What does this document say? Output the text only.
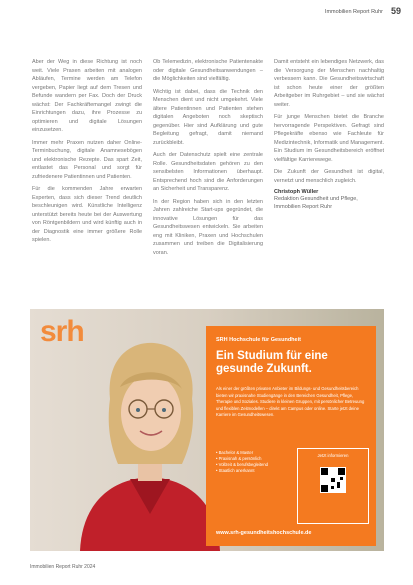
Immobilien Report Ruhr 59

Aber der Weg in diese Richtung ist noch weit. Viele Praxen arbeiten mit analogen Abläufen, Termine werden am Telefon vergeben, Papier liegt auf dem Tresen und Befunde wandern per Fax. Doch der Druck wächst: Der Fachkräftemangel zwingt die Einrichtungen dazu, ihre Prozesse zu optimieren und digitale Lösungen einzusetzen.

Immer mehr Praxen nutzen daher Online-Terminbuchung, digitale Anamnesebögen und elektronische Rezepte. Das spart Zeit, entlastet das Personal und sorgt für zufriedenere Patientinnen und Patienten.

Für die kommenden Jahre erwarten Experten, dass sich dieser Trend deutlich beschleunigen wird. Künstliche Intelligenz unterstützt bereits heute bei der Auswertung von Röntgenbildern und wird künftig auch in der Diagnostik eine immer größere Rolle spielen.

Ob Telemedizin, elektronische Patientenakte oder digitale Gesundheitsanwendungen – die Möglichkeiten sind vielfältig.

Wichtig ist dabei, dass die Technik den Menschen dient und nicht umgekehrt. Viele ältere Patientinnen und Patienten stehen digitalen Angeboten noch skeptisch gegenüber. Hier sind Aufklärung und gute Begleitung gefragt, damit niemand zurückbleibt.

Auch der Datenschutz spielt eine zentrale Rolle. Gesundheitsdaten gehören zu den sensibelsten Informationen überhaupt. Entsprechend hoch sind die Anforderungen an Sicherheit und Transparenz.

In der Region haben sich in den letzten Jahren zahlreiche Start-ups gegründet, die innovative Lösungen für das Gesundheitswesen entwickeln. Sie arbeiten eng mit Kliniken, Praxen und Hochschulen zusammen und treiben die Digitalisierung voran.

Damit entsteht ein lebendiges Netzwerk, das die Versorgung der Menschen nachhaltig verbessern kann. Die Gesundheitswirtschaft ist schon heute einer der größten Arbeitgeber im Ruhrgebiet – und sie wächst weiter.

Für junge Menschen bietet die Branche hervorragende Perspektiven. Gefragt sind Pflegekräfte ebenso wie Fachleute für Medizintechnik, Informatik und Management. Ein Studium im Gesundheitsbereich eröffnet vielfältige Karrierewege.

Die Zukunft der Gesundheit ist digital, vernetzt und menschlich zugleich.

Christoph Wüller
Redaktion Gesundheit und Pflege, Immobilien Report Ruhr
srh	SRH Hochschule für Gesundheit
Ein Studium für eine
gesunde Zukunft.
Als einer der größten privaten Anbieter im Bildungs- und Gesundheitsbereich bieten wir praxisnahe Studiengänge in den Bereichen Gesundheit, Pflege, Therapie und Soziales. Studiere in kleinen Gruppen, mit persönlicher Betreuung und flexiblen Zeitmodellen – direkt am Campus oder online. Starte jetzt deine Karriere im Gesundheitswesen.
• Bachelor & Master
• Praxisnah & persönlich
• Vollzeit & berufsbegleitend
• Staatlich anerkannt
Jetzt informieren
www.srh-gesundheitshochschule.de
Immobilien Report Ruhr 2024
